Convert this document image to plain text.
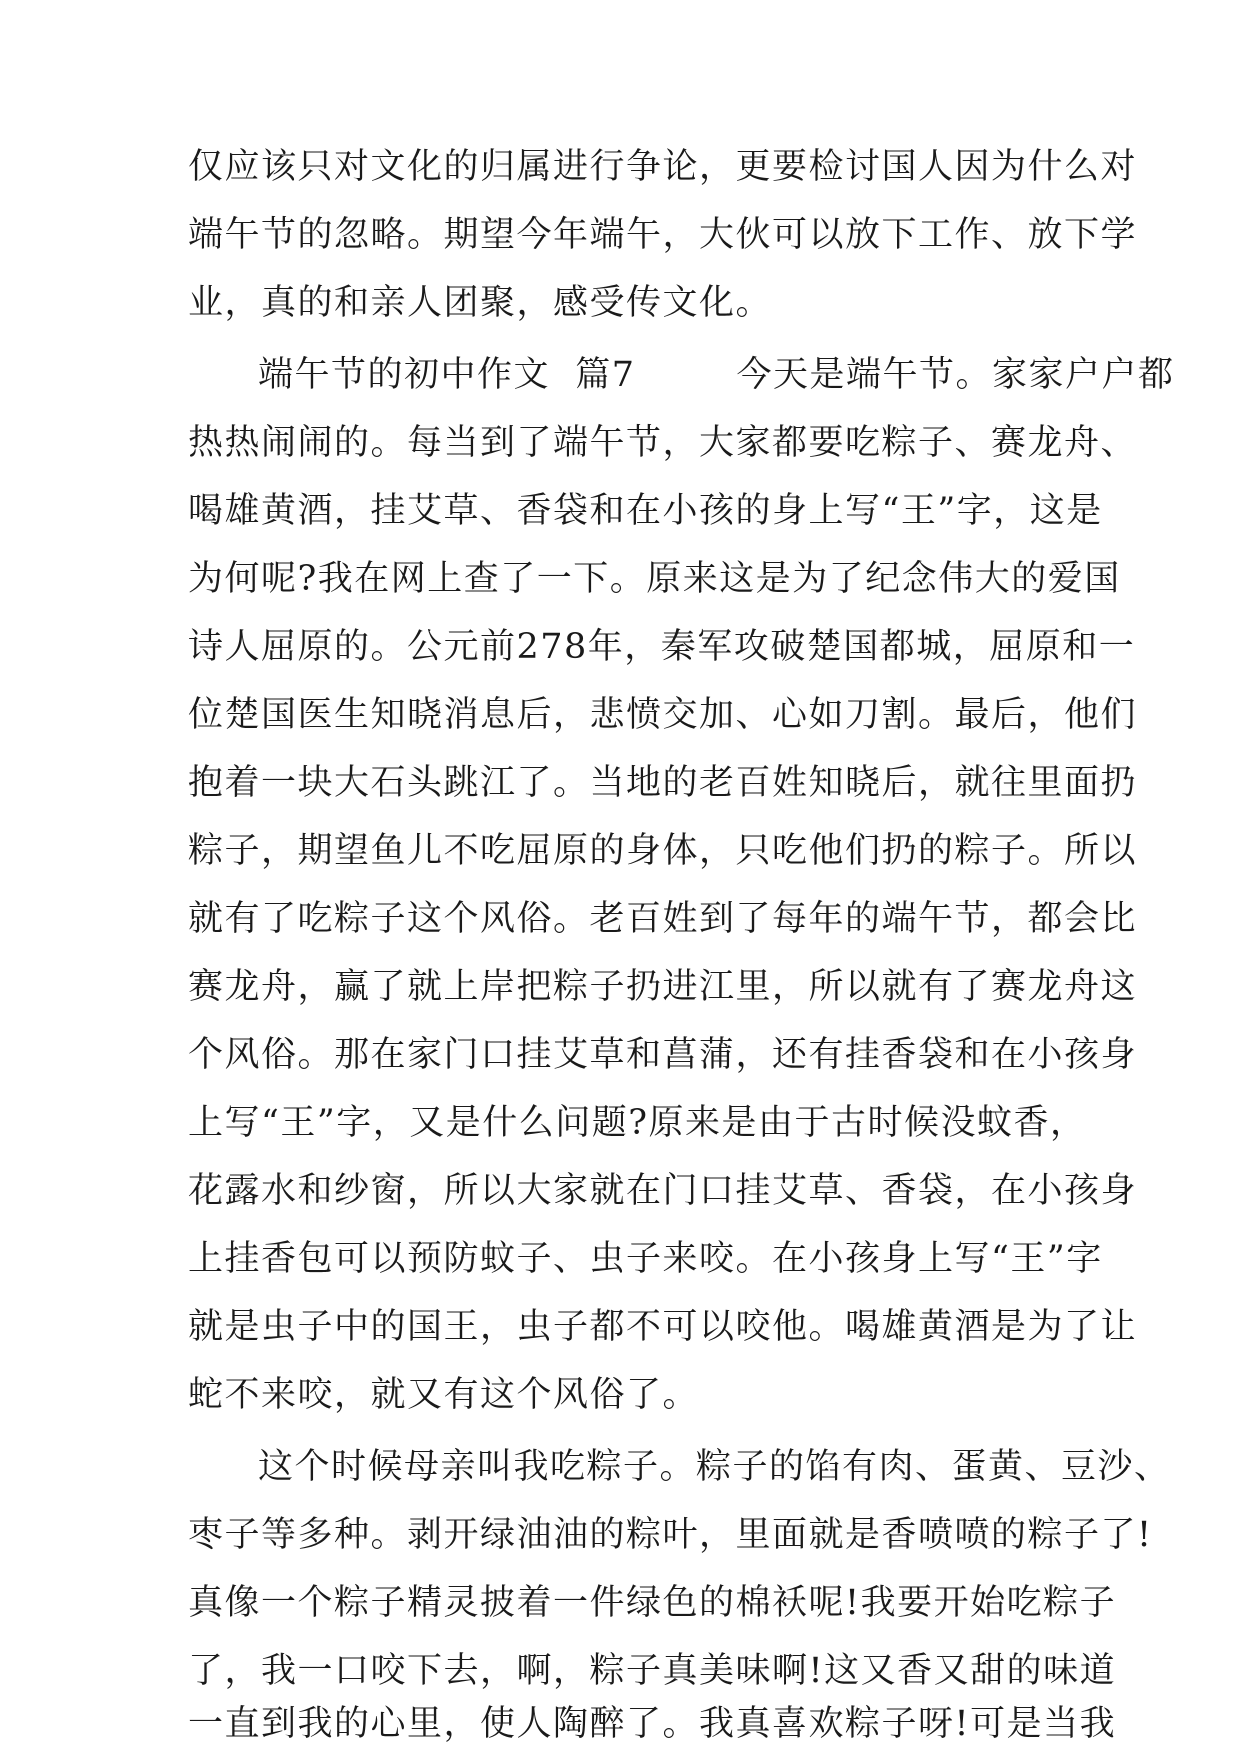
仅应该只对文化的归属进行争论，更要检讨国人因为什么对
端午节的忽略。期望今年端午，大伙可以放下工作、放下学
业，真的和亲人团聚，感受传文化。
端午节的初中作文  篇7        今天是端午节。家家户户都
热热闹闹的。每当到了端午节，大家都要吃粽子、赛龙舟、
喝雄黄酒，挂艾草、香袋和在小孩的身上写“王”字，这是
为何呢?我在网上查了一下。原来这是为了纪念伟大的爱国
诗人屈原的。公元前278年，秦军攻破楚国都城，屈原和一
位楚国医生知晓消息后，悲愤交加、心如刀割。最后，他们
抱着一块大石头跳江了。当地的老百姓知晓后，就往里面扔
粽子，期望鱼儿不吃屈原的身体，只吃他们扔的粽子。所以
就有了吃粽子这个风俗。老百姓到了每年的端午节，都会比
赛龙舟，赢了就上岸把粽子扔进江里，所以就有了赛龙舟这
个风俗。那在家门口挂艾草和菖蒲，还有挂香袋和在小孩身
上写“王”字，又是什么问题?原来是由于古时候没蚊香，
花露水和纱窗，所以大家就在门口挂艾草、香袋，在小孩身
上挂香包可以预防蚊子、虫子来咬。在小孩身上写“王”字
就是虫子中的国王，虫子都不可以咬他。喝雄黄酒是为了让
蛇不来咬，就又有这个风俗了。
这个时候母亲叫我吃粽子。粽子的馅有肉、蛋黄、豆沙、
枣子等多种。剥开绿油油的粽叶，里面就是香喷喷的粽子了!
真像一个粽子精灵披着一件绿色的棉袄呢!我要开始吃粽子
了，我一口咬下去，啊，粽子真美味啊!这又香又甜的味道
一直到我的心里，使人陶醉了。我真喜欢粽子呀!可是当我
